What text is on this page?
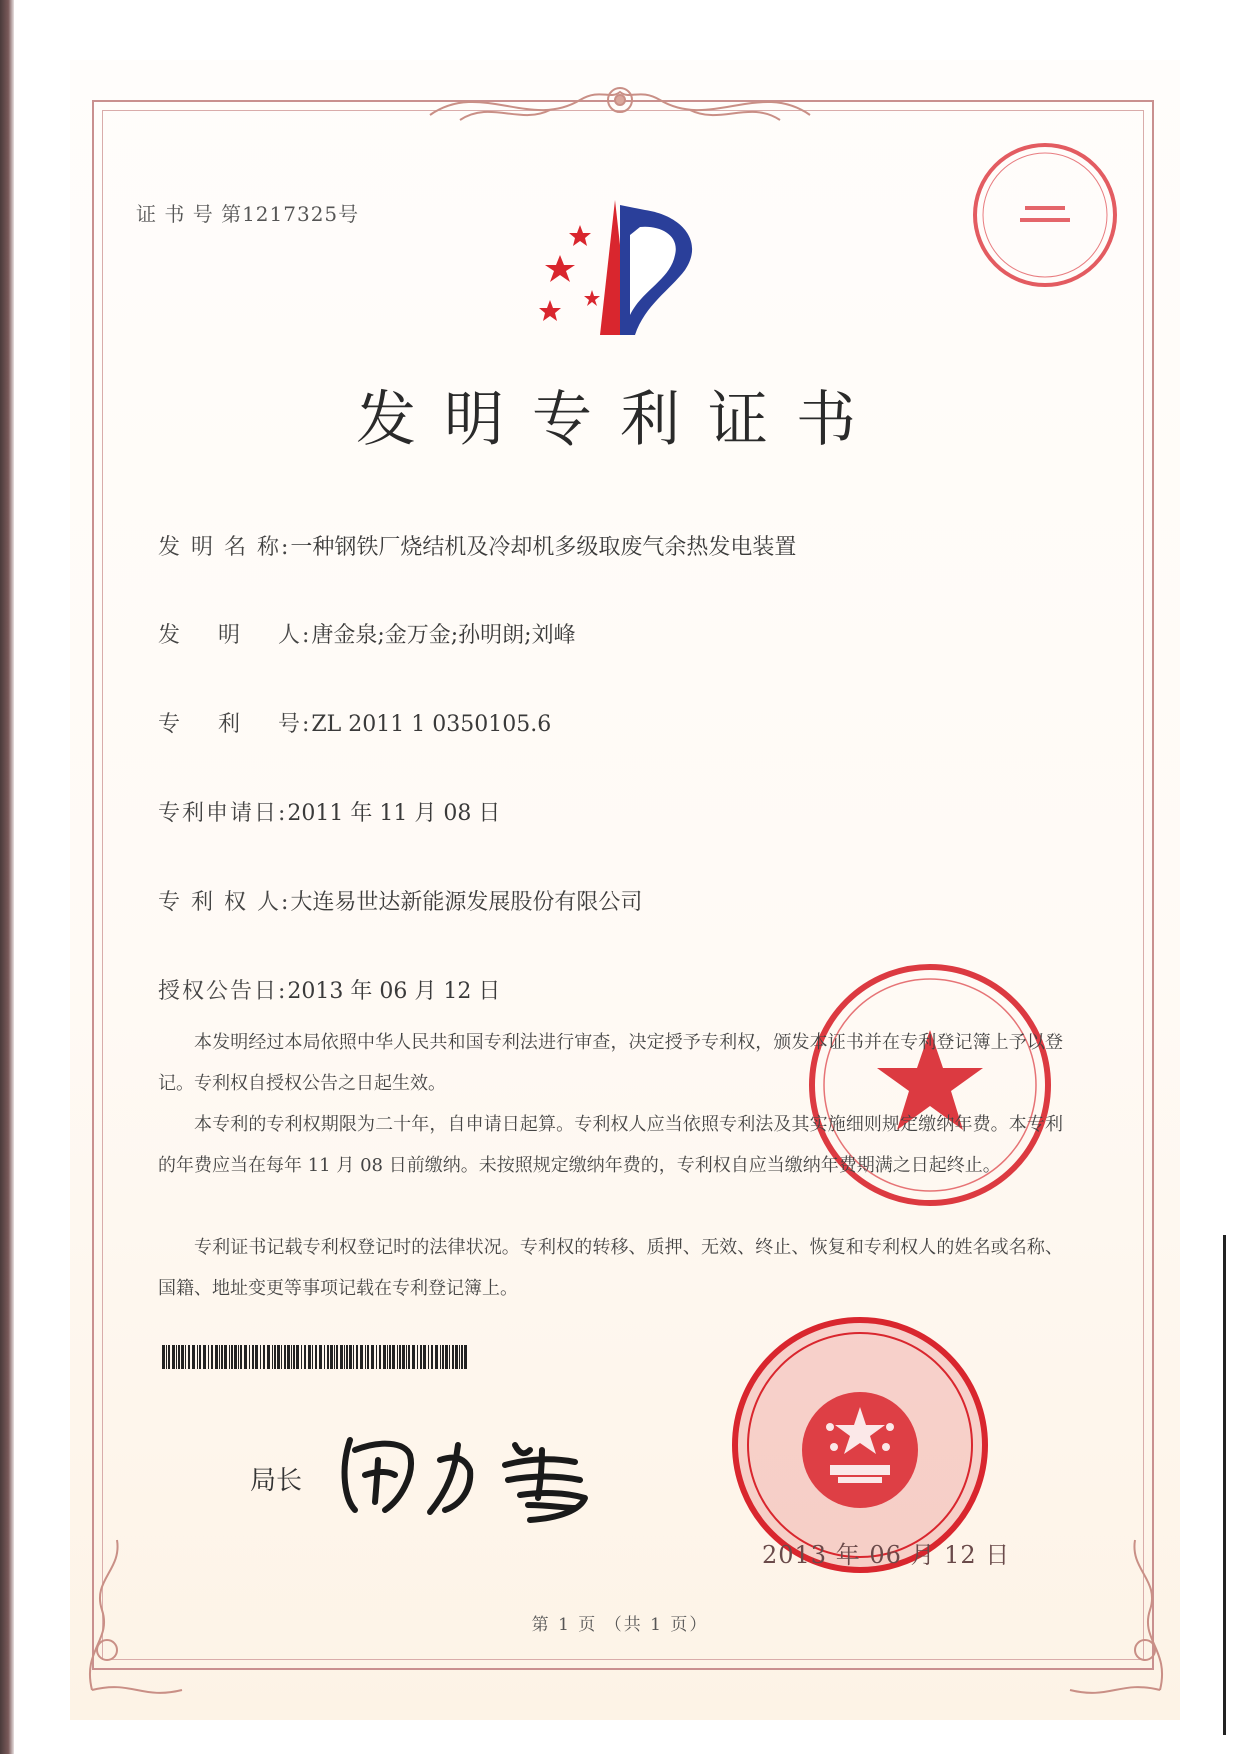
证 书 号 第1217325号
发明专利证书
发 明 名 称:一种钢铁厂烧结机及冷却机多级取废气余热发电装置
发    明    人:唐金泉;金万金;孙明朗;刘峰
专    利    号:ZL 2011 1 0350105.6
专利申请日:2011 年 11 月 08 日
专 利 权 人:大连易世达新能源发展股份有限公司
授权公告日:2013 年 06 月 12 日

本发明经过本局依照中华人民共和国专利法进行审查，决定授予专利权，颁发本证书并在专利登记簿上予以登记。专利权自授权公告之日起生效。

本专利的专利权期限为二十年，自申请日起算。专利权人应当依照专利法及其实施细则规定缴纳年费。本专利的年费应当在每年 11 月 08 日前缴纳。未按照规定缴纳年费的，专利权自应当缴纳年费期满之日起终止。

专利证书记载专利权登记时的法律状况。专利权的转移、质押、无效、终止、恢复和专利权人的姓名或名称、国籍、地址变更等事项记载在专利登记簿上。

局长
2013 年 06 月 12 日
第 1 页 （共 1 页）
